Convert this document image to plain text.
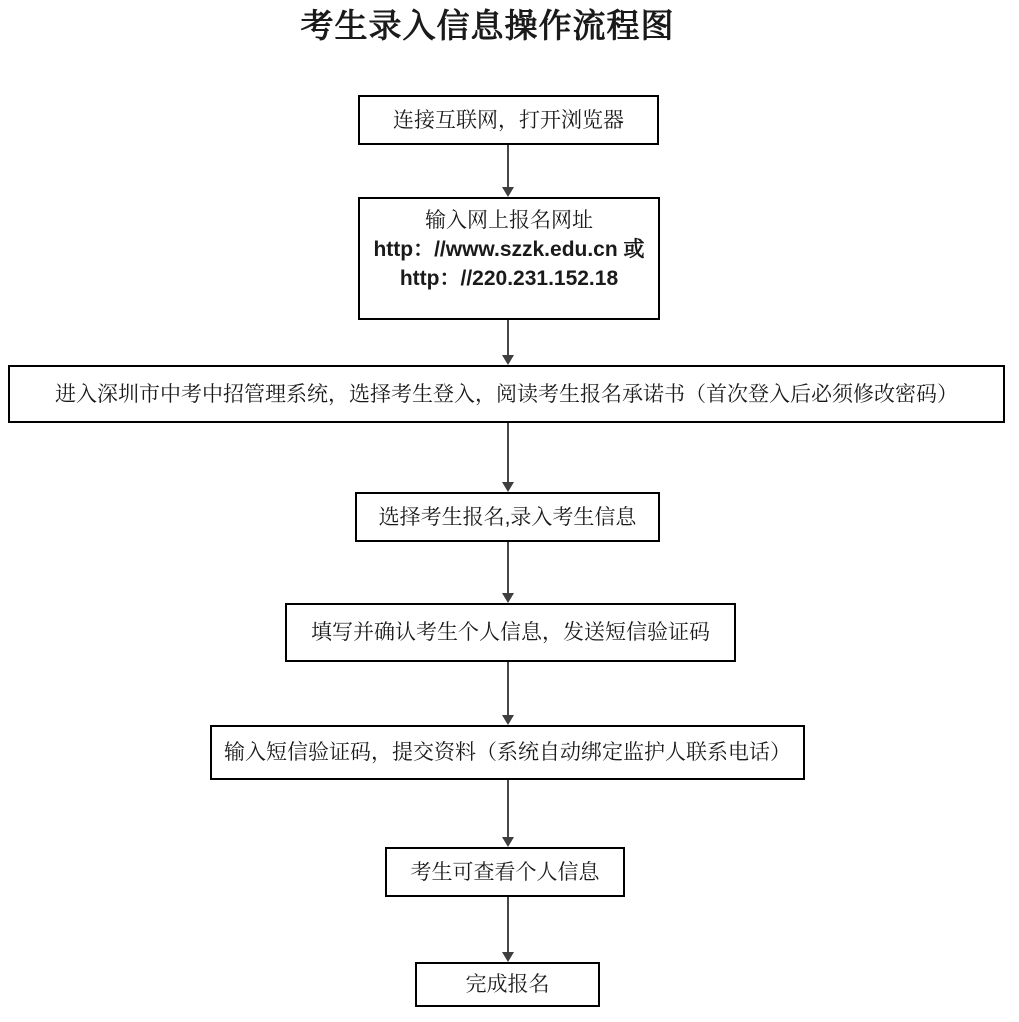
考生录入信息操作流程图
连接互联网，打开浏览器
输入网上报名网址
http：//www.szzk.edu.cn 或
http：//220.231.152.18
进入深圳市中考中招管理系统，选择考生登入，阅读考生报名承诺书（首次登入后必须修改密码）
选择考生报名,录入考生信息
填写并确认考生个人信息，发送短信验证码
输入短信验证码，提交资料（系统自动绑定监护人联系电话）
考生可查看个人信息
完成报名
